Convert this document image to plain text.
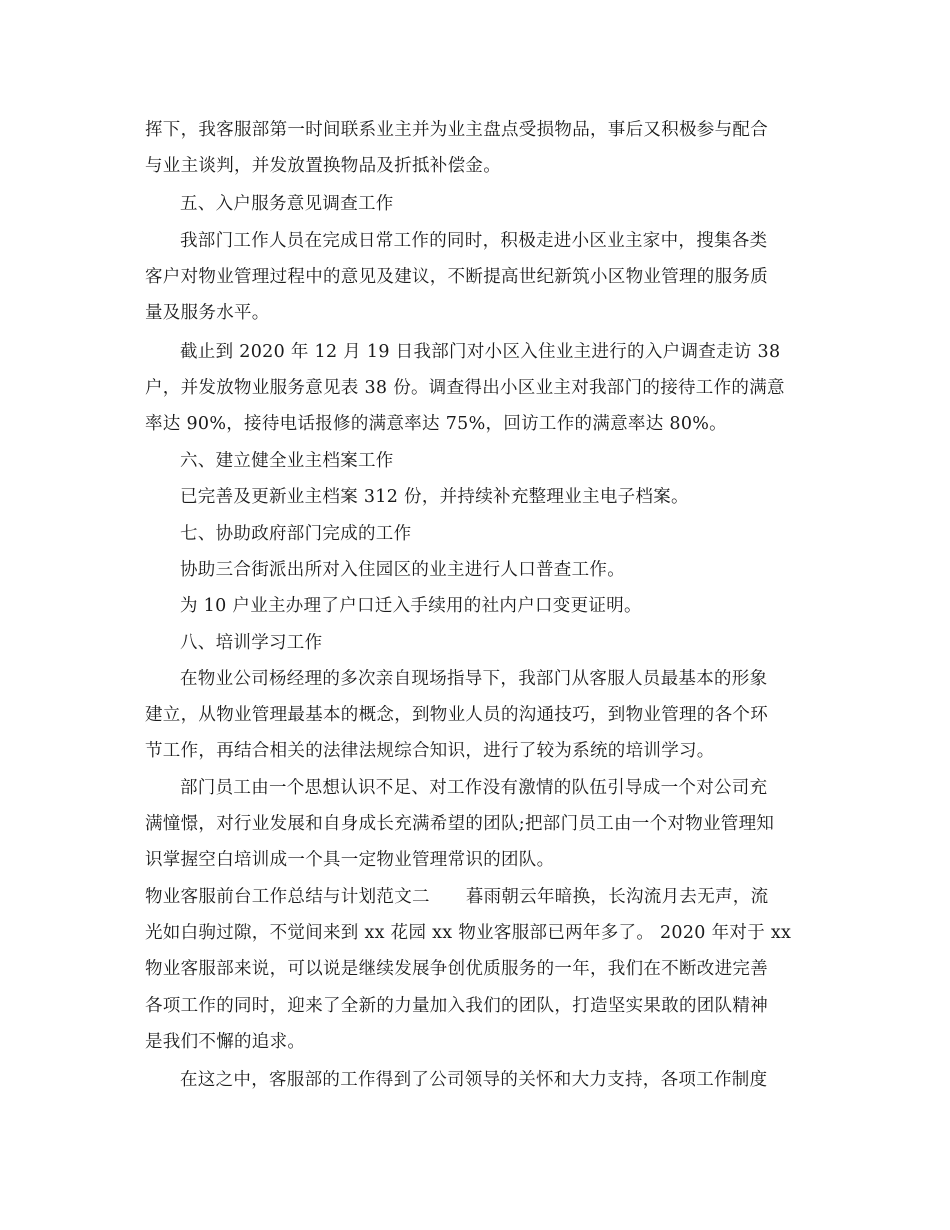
挥下，我客服部第一时间联系业主并为业主盘点受损物品，事后又积极参与配合
与业主谈判，并发放置换物品及折抵补偿金。
五、入户服务意见调查工作
我部门工作人员在完成日常工作的同时，积极走进小区业主家中，搜集各类
客户对物业管理过程中的意见及建议，不断提高世纪新筑小区物业管理的服务质
量及服务水平。
截止到 2020 年 12 月 19 日我部门对小区入住业主进行的入户调查走访 38
户，并发放物业服务意见表 38 份。调查得出小区业主对我部门的接待工作的满意
率达 90%，接待电话报修的满意率达 75%，回访工作的满意率达 80%。
六、建立健全业主档案工作
已完善及更新业主档案 312 份，并持续补充整理业主电子档案。
七、协助政府部门完成的工作
协助三合街派出所对入住园区的业主进行人口普查工作。
为 10 户业主办理了户口迁入手续用的社内户口变更证明。
八、培训学习工作
在物业公司杨经理的多次亲自现场指导下，我部门从客服人员最基本的形象
建立，从物业管理最基本的概念，到物业人员的沟通技巧，到物业管理的各个环
节工作，再结合相关的法律法规综合知识，进行了较为系统的培训学习。
部门员工由一个思想认识不足、对工作没有激情的队伍引导成一个对公司充
满憧憬，对行业发展和自身成长充满希望的团队;把部门员工由一个对物业管理知
识掌握空白培训成一个具一定物业管理常识的团队。
物业客服前台工作总结与计划范文二 暮雨朝云年暗换，长沟流月去无声，流
光如白驹过隙，不觉间来到 xx 花园 xx 物业客服部已两年多了。 2020 年对于 xx
物业客服部来说，可以说是继续发展争创优质服务的一年，我们在不断改进完善
各项工作的同时，迎来了全新的力量加入我们的团队，打造坚实果敢的团队精神
是我们不懈的追求。
在这之中，客服部的工作得到了公司领导的关怀和大力支持，各项工作制度
